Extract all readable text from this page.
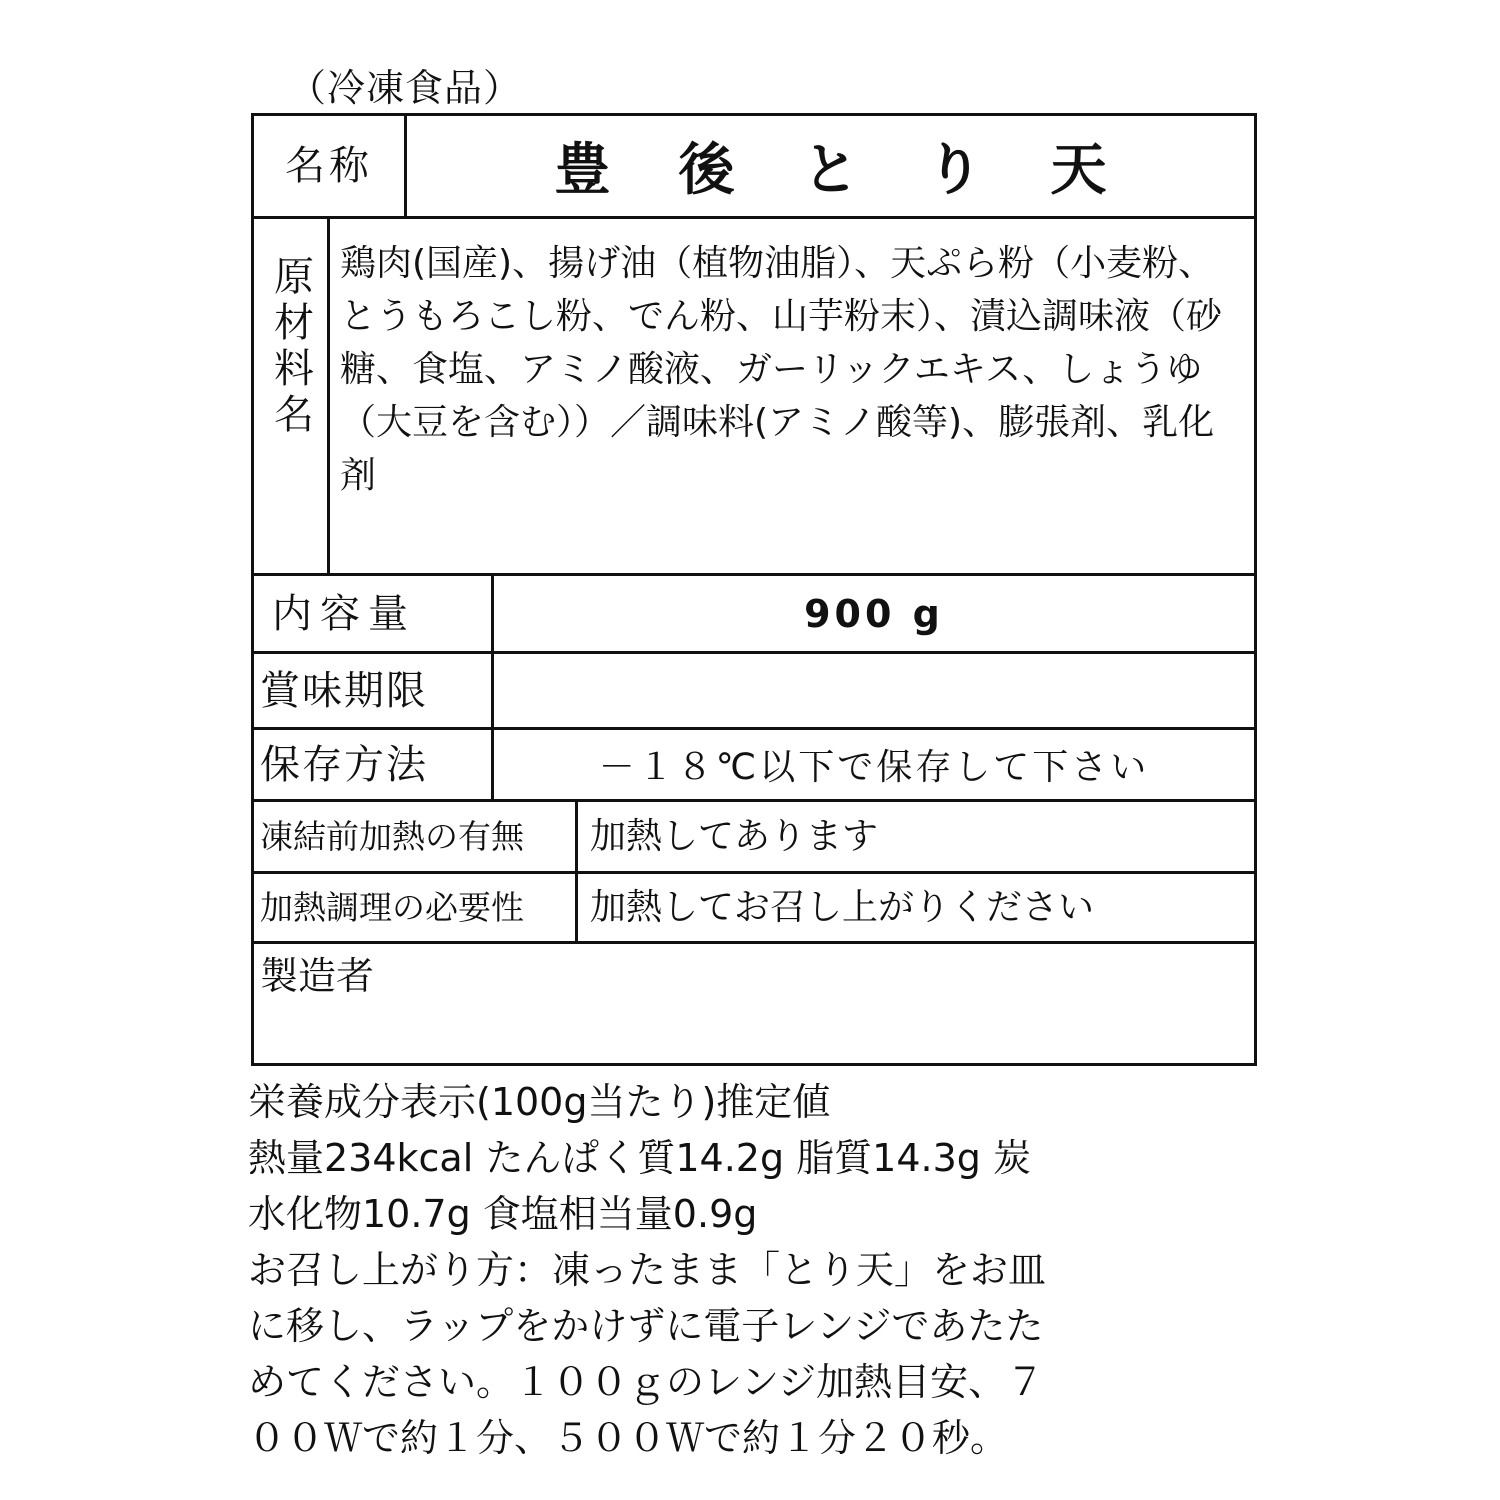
（冷凍食品）
名称	豊後とり天
原材料名 鶏肉(国産)、揚げ油（植物油脂）、天ぷら粉（小麦粉、とうもろこし粉、でん粉、山芋粉末）、漬込調味液（砂糖、食塩、アミノ酸液、ガーリックエキス、しょうゆ（大豆を含む））／調味料(アミノ酸等)、膨張剤、乳化剤
内容量	900 g
賞味期限
保存方法	－１８℃以下で保存して下さい
凍結前加熱の有無 加熱してあります
加熱調理の必要性 加熱してお召し上がりください
製造者
栄養成分表示(100g当たり)推定値
熱量234kcal たんぱく質14.2g 脂質14.3g 炭
水化物10.7g 食塩相当量0.9g
お召し上がり方：凍ったまま「とり天」をお皿
に移し、ラップをかけずに電子レンジであたた
めてください。１００ｇのレンジ加熱目安、７
００Ｗで約１分、５００Ｗで約１分２０秒。
